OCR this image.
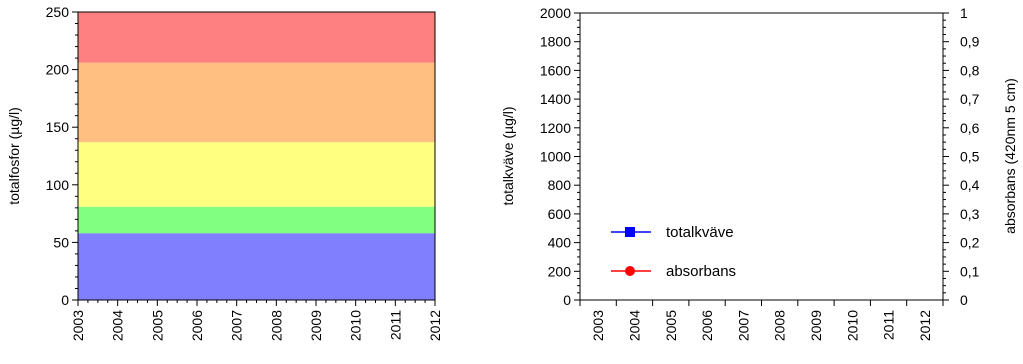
0
50
100
150
200
250
2003 2004 2005 2006 2007 2008 2009 2010 2011 2012
totalfosfor (µg/l)
0
200
400
600
800
1000
1200
1400
1600
1800
2000
0
0,1
0,2
0,3
0,4
0,5
0,6
0,7
0,8
0,9
1
2003 2004 2005 2006 2007 2008 2009 2010 2011 2012
totalkväve (µg/l)	absorbans (420nm 5 cm)
totalkväve
absorbans
